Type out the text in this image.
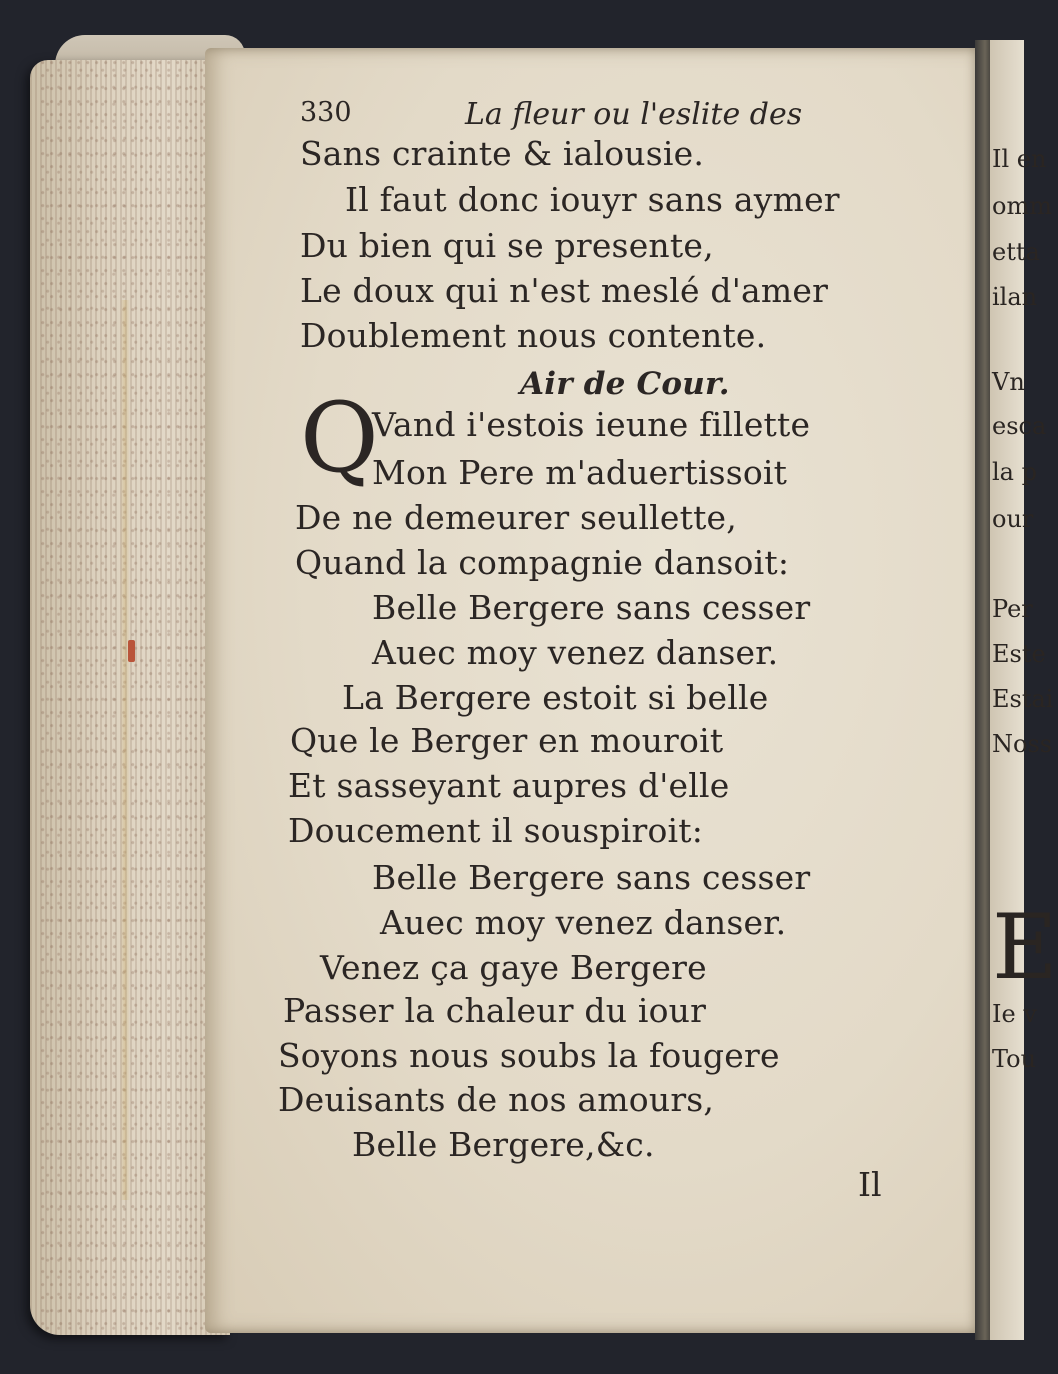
Il en
omm
etta
ilan
Vn
esca
la p
our
Per
Este
Estai
Noss
E
Ie v
Tou
330	La fleur ou l'eslite des
Sans crainte & ialousie.
Il faut donc iouyr sans aymer
Du bien qui se presente,
Le doux qui n'est meslé d'amer
Doublement nous contente.
Air de Cour.
Q
Vand i'estois ieune fillette
Mon Pere m'aduertissoit
De ne demeurer seullette,
Quand la compagnie dansoit:
Belle Bergere sans cesser
Auec moy venez danser.
La Bergere estoit si belle
Que le Berger en mouroit
Et sasseyant aupres d'elle
Doucement il souspiroit:
Belle Bergere sans cesser
Auec moy venez danser.
Venez ça gaye Bergere
Passer la chaleur du iour
Soyons nous soubs la fougere
Deuisants de nos amours,
Belle Bergere,&c.
Il
